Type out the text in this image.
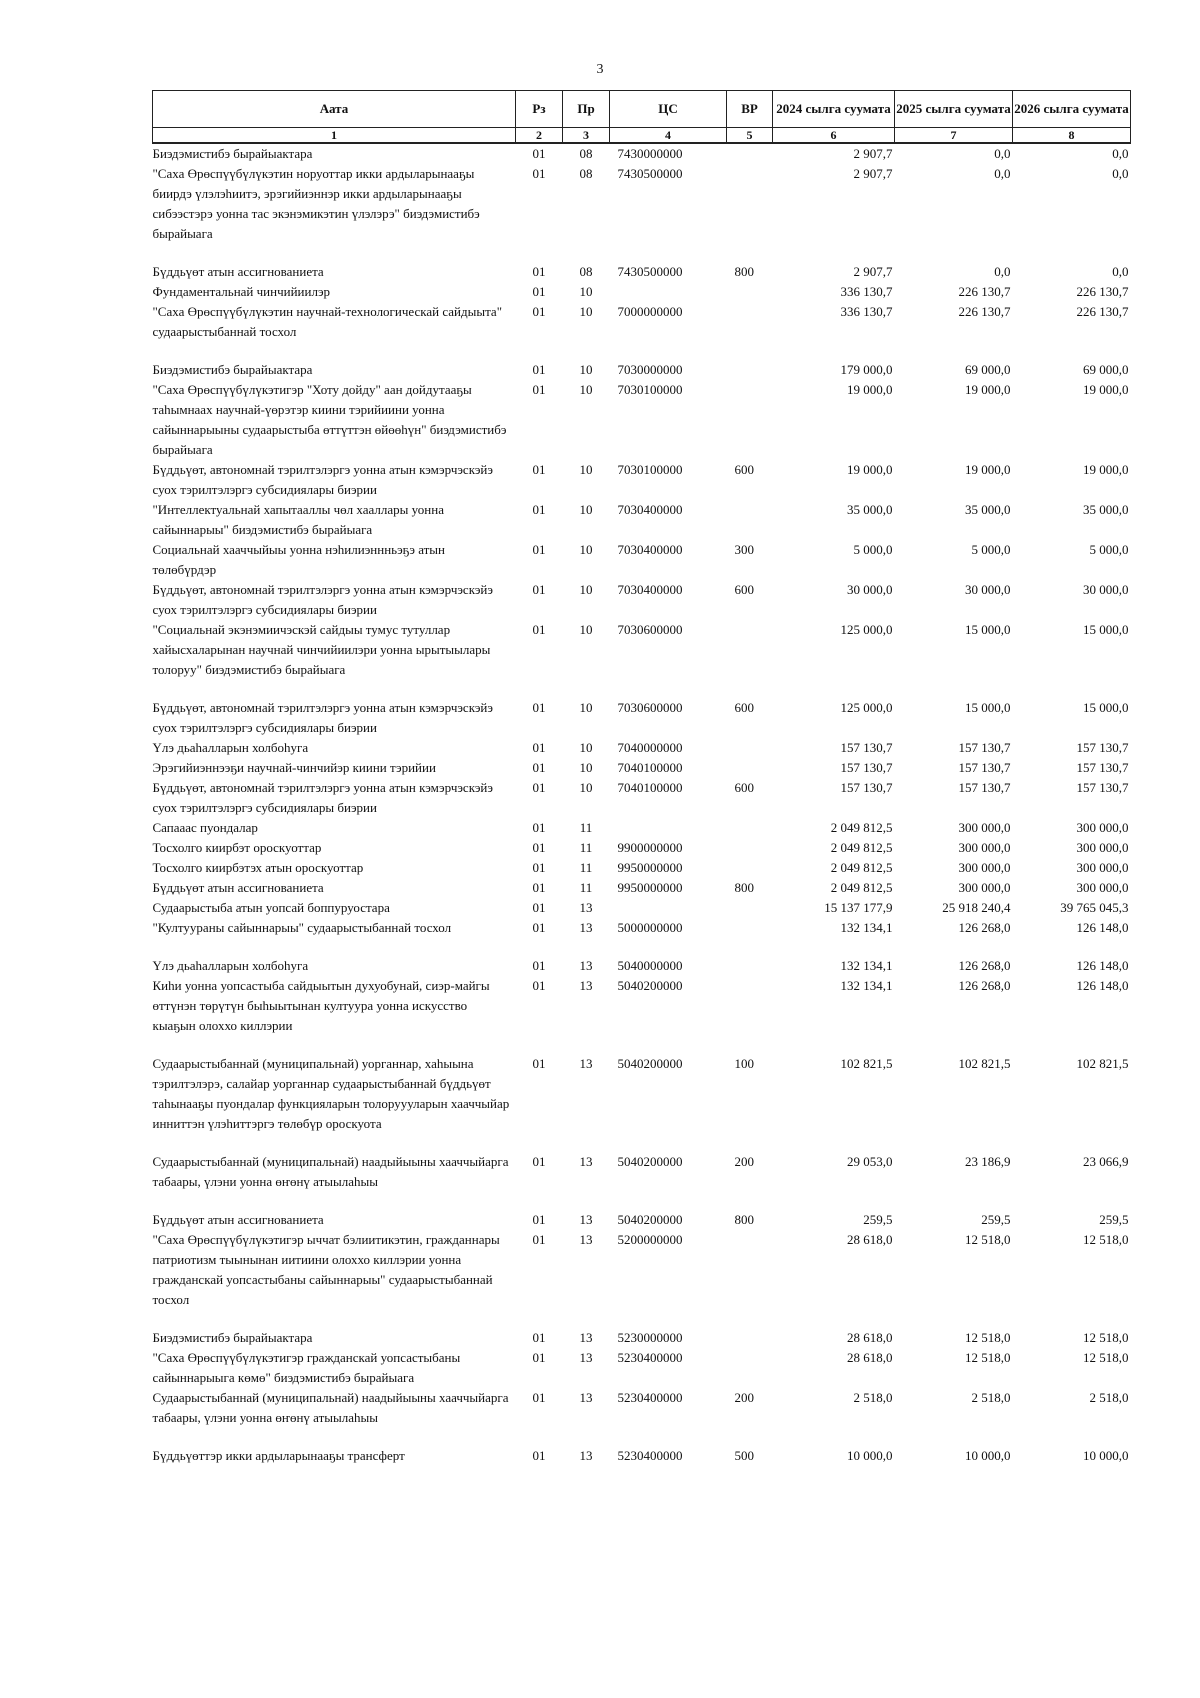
3
Аата	Рз	Пр	ЦС	ВР	2024 сылга суумата	2025 сылга суумата	2026 сылга суумата
1	2	3	4	5	6	7	8
Биэдэмистибэ бырайыактара	01	08	7430000000		2 907,7	0,0	0,0
"Саха Өрөспүүбүлүкэтин норуоттар икки ардыларынааҕы биирдэ үлэлэһиитэ, эрэгийиэннэр икки ардыларынааҕы сибээстэрэ уонна тас экэнэмикэтин үлэлэрэ" биэдэмистибэ бырайыага	01	08	7430500000		2 907,7	0,0	0,0
Бүддьүөт атын ассигнованиета	01	08	7430500000	800	2 907,7	0,0	0,0
Фундаментальнай чинчийиилэр	01	10			336 130,7	226 130,7	226 130,7
"Саха Өрөспүүбүлүкэтин научнай-технологическай сайдыыта" судаарыстыбаннай тосхол	01	10	7000000000		336 130,7	226 130,7	226 130,7
Биэдэмистибэ бырайыактара	01	10	7030000000		179 000,0	69 000,0	69 000,0
"Саха Өрөспүүбүлүкэтигэр "Хоту дойду" аан дойдутааҕы таһымнаах научнай-үөрэтэр киини тэрийиини уонна сайыннарыыны судаарыстыба өттүттэн өйөөһүн" биэдэмистибэ бырайыага	01	10	7030100000		19 000,0	19 000,0	19 000,0
Бүддьүөт, автономнай тэрилтэлэргэ уонна атын кэмэрчэскэйэ суох тэрилтэлэргэ субсидиялары биэрии	01	10	7030100000	600	19 000,0	19 000,0	19 000,0
"Интеллектуальнай хапытааллы чөл хааллары уонна сайыннарыы" биэдэмистибэ бырайыага	01	10	7030400000		35 000,0	35 000,0	35 000,0
Социальнай хааччыйыы уонна нэһилиэннньэҕэ атын төлөбүрдэр	01	10	7030400000	300	5 000,0	5 000,0	5 000,0
Бүддьүөт, автономнай тэрилтэлэргэ уонна атын кэмэрчэскэйэ суох тэрилтэлэргэ субсидиялары биэрии	01	10	7030400000	600	30 000,0	30 000,0	30 000,0
"Социальнай экэнэмиичэскэй сайдыы тумус тутуллар хайысхаларынан научнай чинчийиилэри уонна ырытыылары толоруу" биэдэмистибэ бырайыага	01	10	7030600000		125 000,0	15 000,0	15 000,0
Бүддьүөт, автономнай тэрилтэлэргэ уонна атын кэмэрчэскэйэ суох тэрилтэлэргэ субсидиялары биэрии	01	10	7030600000	600	125 000,0	15 000,0	15 000,0
Үлэ дьаһалларын холбоһуга	01	10	7040000000		157 130,7	157 130,7	157 130,7
Эрэгийиэннээҕи научнай-чинчийэр киини тэрийии	01	10	7040100000		157 130,7	157 130,7	157 130,7
Бүддьүөт, автономнай тэрилтэлэргэ уонна атын кэмэрчэскэйэ суох тэрилтэлэргэ субсидиялары биэрии	01	10	7040100000	600	157 130,7	157 130,7	157 130,7
Сапааас пуондалар	01	11			2 049 812,5	300 000,0	300 000,0
Тосхолго киирбэт ороскуоттар	01	11	9900000000		2 049 812,5	300 000,0	300 000,0
Тосхолго киирбэтэх атын ороскуоттар	01	11	9950000000		2 049 812,5	300 000,0	300 000,0
Бүддьүөт атын ассигнованиета	01	11	9950000000	800	2 049 812,5	300 000,0	300 000,0
Судаарыстыба атын уопсай боппуруостара	01	13			15 137 177,9	25 918 240,4	39 765 045,3
"Култуураны сайыннарыы" судаарыстыбаннай тосхол	01	13	5000000000		132 134,1	126 268,0	126 148,0
Үлэ дьаһалларын холбоһуга	01	13	5040000000		132 134,1	126 268,0	126 148,0
Киһи уонна уопсастыба сайдыытын духуобунай, сиэр-майгы өттүнэн төрүтүн быһыытынан култуура уонна искусство кыаҕын олоххо киллэрии	01	13	5040200000		132 134,1	126 268,0	126 148,0
Судаарыстыбаннай (муниципальнай) уорганнар, хаһыына тэрилтэлэрэ, салайар уорганнар судаарыстыбаннай бүддьүөт таһынааҕы пуондалар функцияларын толоруууларын хааччыйар инниттэн үлэһиттэргэ төлөбүр ороскуота	01	13	5040200000	100	102 821,5	102 821,5	102 821,5
Судаарыстыбаннай (муниципальнай) наадыйыыны хааччыйарга табаары, үлэни уонна өҥөнү атыылаһыы	01	13	5040200000	200	29 053,0	23 186,9	23 066,9
Бүддьүөт атын ассигнованиета	01	13	5040200000	800	259,5	259,5	259,5
"Саха Өрөспүүбүлүкэтигэр ыччат бэлиитикэтин, гражданнары патриотизм тыынынан иитиини олоххо киллэрии уонна гражданскай уопсастыбаны сайыннарыы" судаарыстыбаннай тосхол	01	13	5200000000		28 618,0	12 518,0	12 518,0
Биэдэмистибэ бырайыактара	01	13	5230000000		28 618,0	12 518,0	12 518,0
"Саха Өрөспүүбүлүкэтигэр гражданскай уопсастыбаны сайыннарыыга көмө" биэдэмистибэ бырайыага	01	13	5230400000		28 618,0	12 518,0	12 518,0
Судаарыстыбаннай (муниципальнай) наадыйыыны хааччыйарга табаары, үлэни уонна өҥөнү атыылаһыы	01	13	5230400000	200	2 518,0	2 518,0	2 518,0
Бүддьүөттэр икки ардыларынааҕы трансферт	01	13	5230400000	500	10 000,0	10 000,0	10 000,0
